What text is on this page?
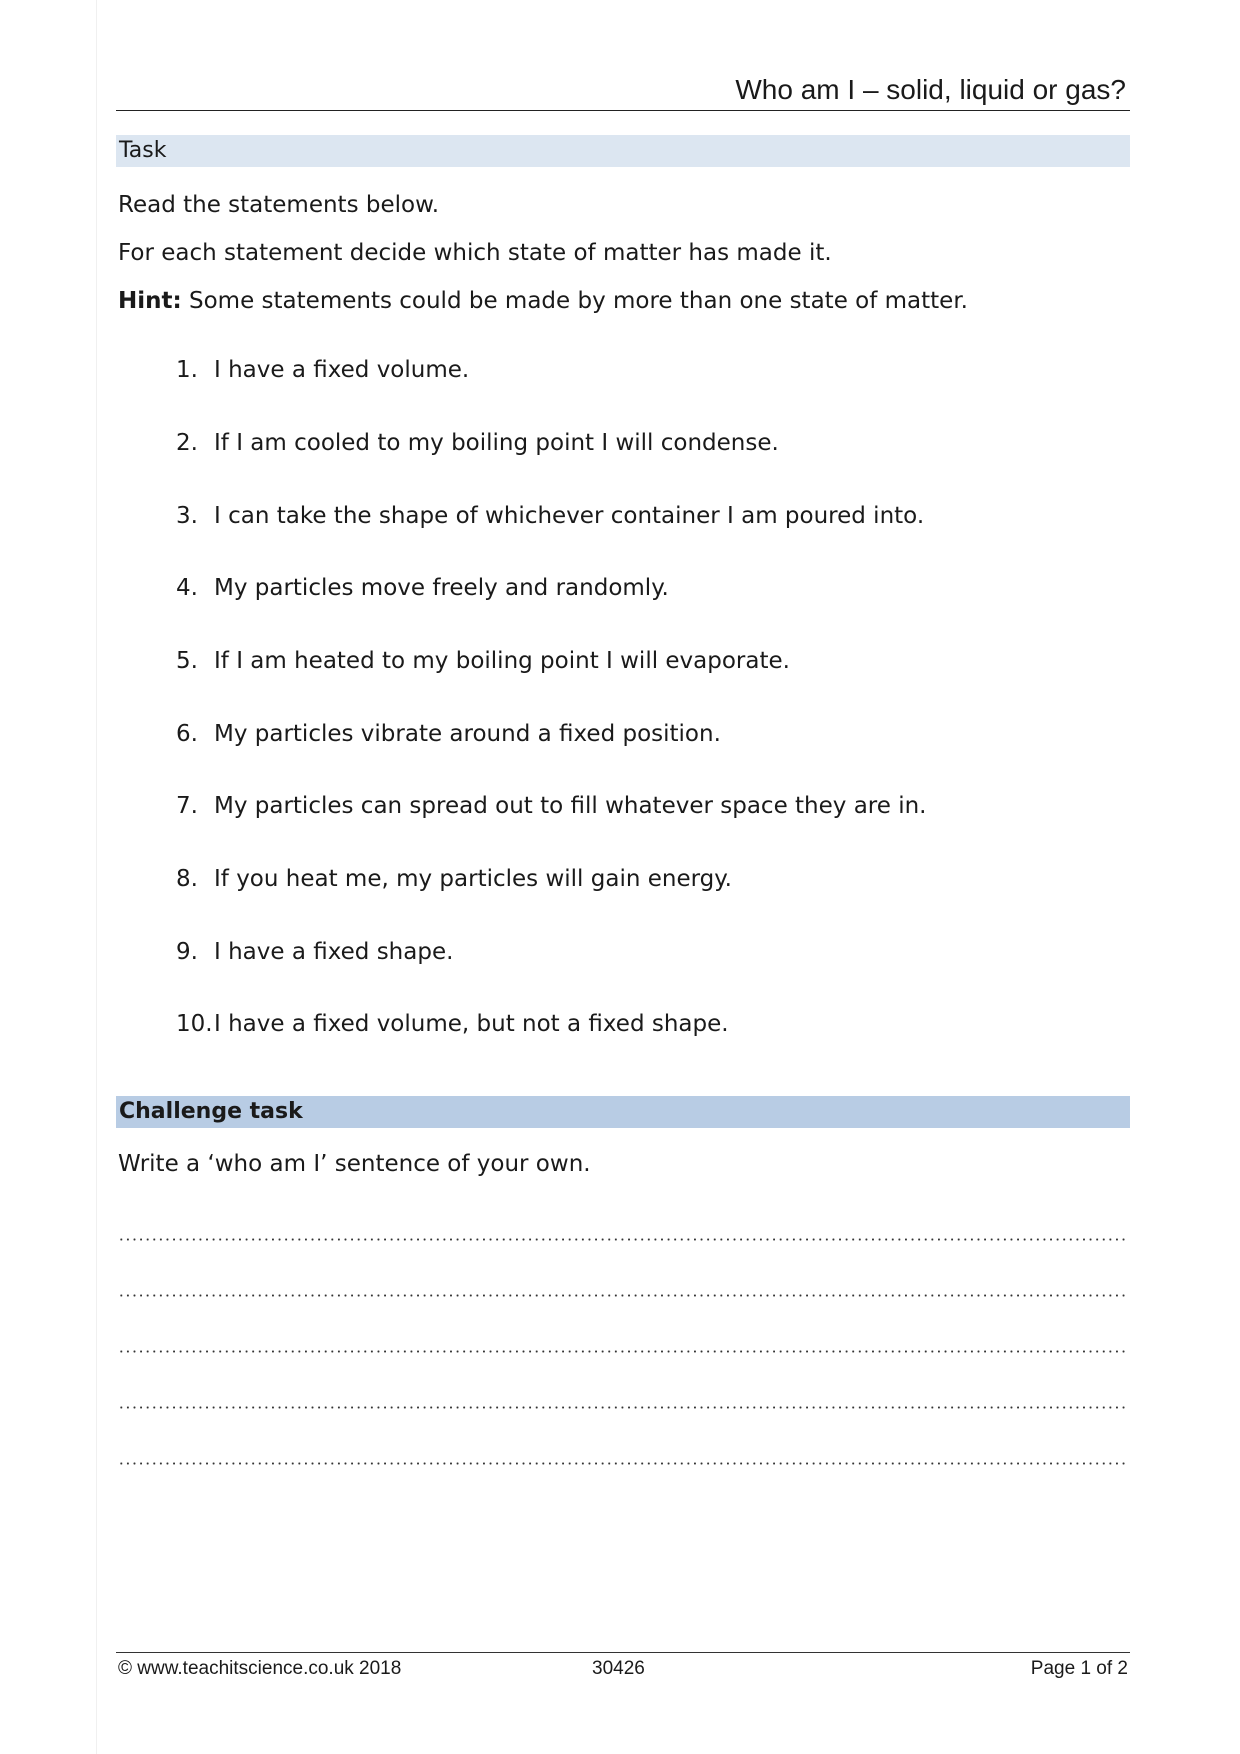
Who am I – solid, liquid or gas?
Task
Read the statements below.
For each statement decide which state of matter has made it.
Hint: Some statements could be made by more than one state of matter.
1. I have a fixed volume.
2. If I am cooled to my boiling point I will condense.
3. I can take the shape of whichever container I am poured into.
4. My particles move freely and randomly.
5. If I am heated to my boiling point I will evaporate.
6. My particles vibrate around a fixed position.
7. My particles can spread out to fill whatever space they are in.
8. If you heat me, my particles will gain energy.
9. I have a fixed shape.
10.I have a fixed volume, but not a fixed shape.
Challenge task
Write a ‘who am I’ sentence of your own.
© www.teachitscience.co.uk 2018	30426	Page 1 of 2
